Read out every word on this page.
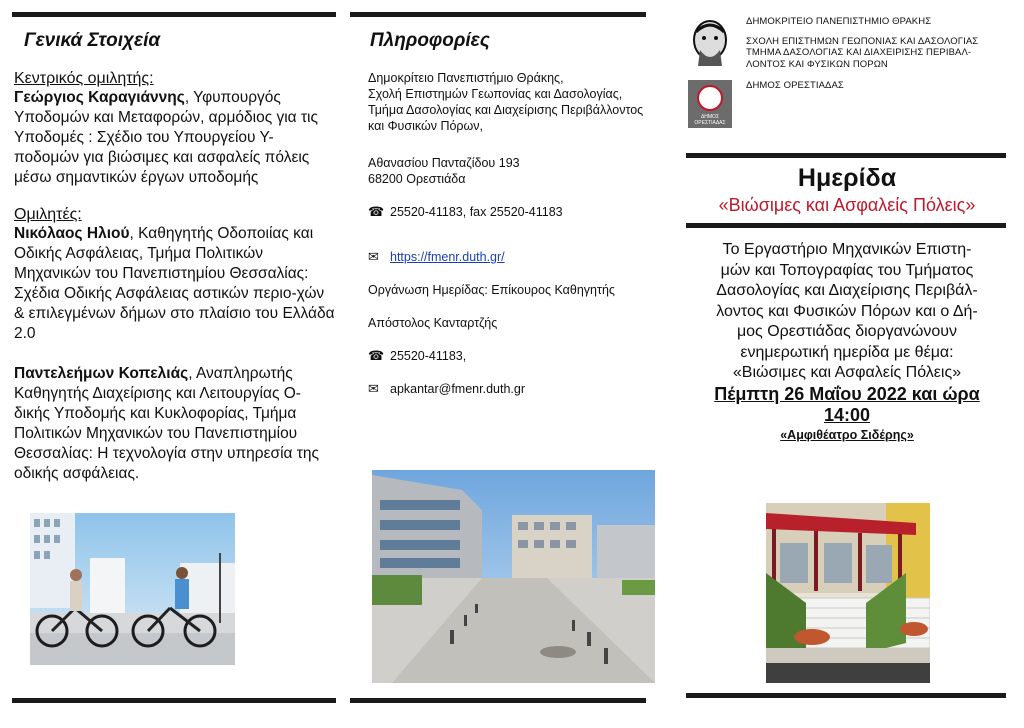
Γενικά Στοιχεία
Κεντρικός ομιλητής:
Γεώργιος Καραγιάννης, Υφυπουργός Υποδομών και Μεταφορών, αρμόδιος για τις Υποδομές : Σχέδιο του Υπουργείου Υ-ποδομών για βιώσιμες και ασφαλείς πόλεις μέσω σημαντικών έργων υποδομής
Ομιλητές:
Νικόλαος Ηλιού, Καθηγητής Οδοποιίας και Οδικής Ασφάλειας, Τμήμα Πολιτικών Μηχανικών του Πανεπιστημίου Θεσσαλίας: Σχέδια Οδικής Ασφάλειας αστικών περιο-χών & επιλεγμένων δήμων στο πλαίσιο του Ελλάδα 2.0
Παντελεήμων Κοπελιάς, Αναπληρωτής Καθηγητής Διαχείρισης και Λειτουργίας Ο-δικής Υποδομής και Κυκλοφορίας, Τμήμα Πολιτικών Μηχανικών του Πανεπιστημίου Θεσσαλίας: Η τεχνολογία στην υπηρεσία της οδικής ασφάλειας.
Πληροφορίες
Δημοκρίτειο Πανεπιστήμιο Θράκης,
Σχολή Επιστημών Γεωπονίας και Δασολογίας,
Τμήμα Δασολογίας και Διαχείρισης Περιβάλλοντος
και Φυσικών Πόρων,
Αθανασίου Πανταζίδου 193
68200 Ορεστιάδα
☎ 25520-41183, fax 25520-41183
✉ https://fmenr.duth.gr/
Οργάνωση Ημερίδας: Επίκουρος Καθηγητής
Απόστολος Κανταρτζής
☎ 25520-41183,
✉ apkantar@fmenr.duth.gr
ΔΗΜΟΚΡΙΤΕΙΟ ΠΑΝΕΠΙΣΤΗΜΙΟ ΘΡΑΚΗΣ
ΣΧΟΛΗ ΕΠΙΣΤΗΜΩΝ ΓΕΩΠΟΝΙΑΣ ΚΑΙ ΔΑΣΟΛΟΓΙΑΣ
ΤΜΗΜΑ ΔΑΣΟΛΟΓΙΑΣ ΚΑΙ ΔΙΑΧΕΙΡΙΣΗΣ ΠΕΡΙΒΑΛ-
ΛΟΝΤΟΣ ΚΑΙ ΦΥΣΙΚΩΝ ΠΟΡΩΝ
ΔΗΜΟΣ
ΟΡΕΣΤΙΑΔΑΣ
ΔΗΜΟΣ ΟΡΕΣΤΙΑΔΑΣ
Ημερίδα
«Βιώσιμες και Ασφαλείς Πόλεις»
Το Εργαστήριο Μηχανικών Επιστη-
μών και Τοπογραφίας του Τμήματος
Δασολογίας και Διαχείρισης Περιβάλ-
λοντος και Φυσικών Πόρων και ο Δή-
μος Ορεστιάδας διοργανώνουν
ενημερωτική ημερίδα με θέμα:
«Βιώσιμες και Ασφαλείς Πόλεις»
Πέμπτη 26 Μαΐου 2022 και ώρα
14:00
«Αμφιθέατρο Σιδέρης»
